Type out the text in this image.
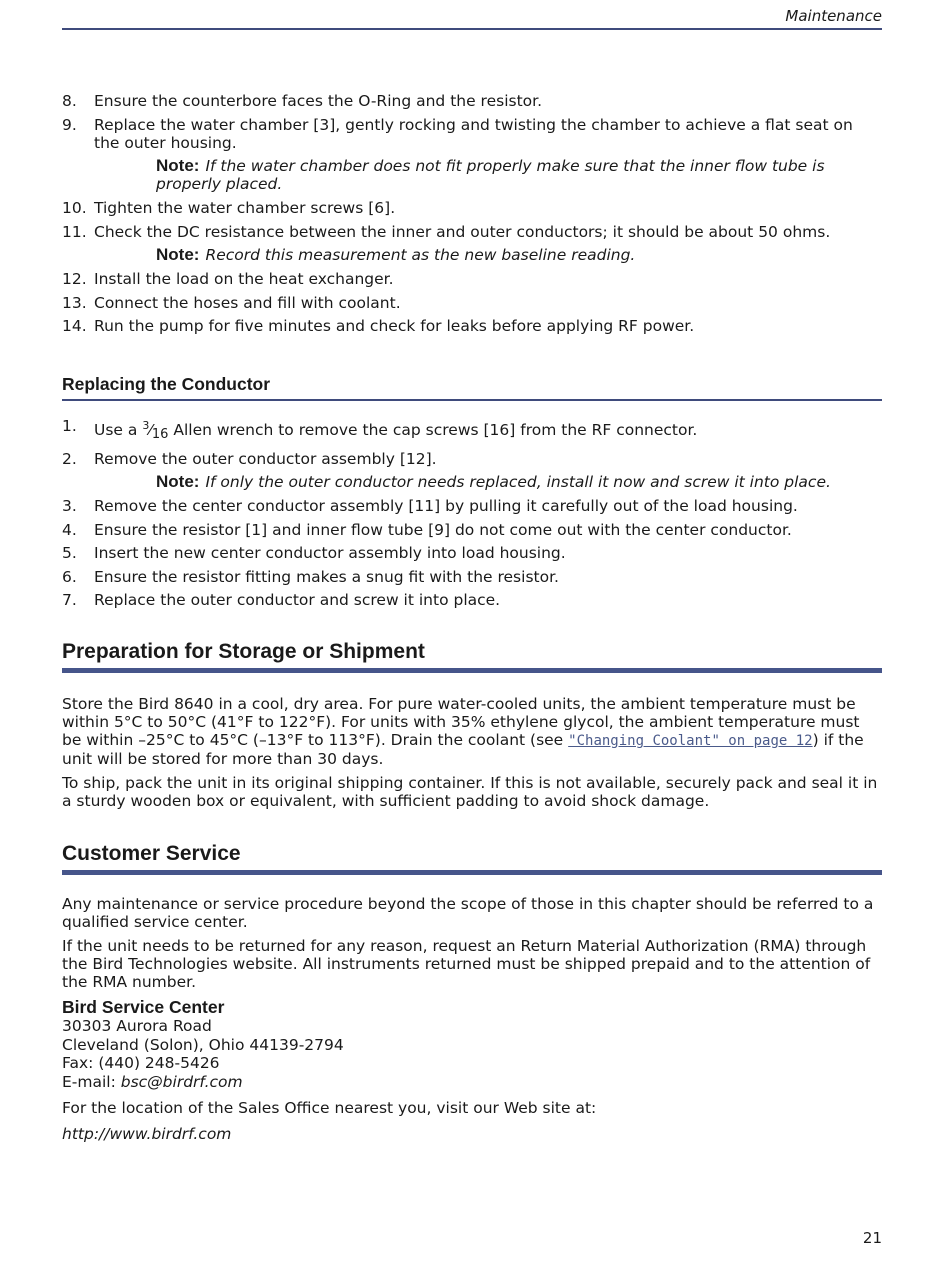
Maintenance
8. Ensure the counterbore faces the O-Ring and the resistor.
9. Replace the water chamber [3], gently rocking and twisting the chamber to achieve a flat seat on the outer housing.
Note: If the water chamber does not fit properly make sure that the inner flow tube is properly placed.
10. Tighten the water chamber screws [6].
11. Check the DC resistance between the inner and outer conductors; it should be about 50 ohms.
Note: Record this measurement as the new baseline reading.
12. Install the load on the heat exchanger.
13. Connect the hoses and fill with coolant.
14. Run the pump for five minutes and check for leaks before applying RF power.
Replacing the Conductor
1. Use a $^3⁄_{16}$ Allen wrench to remove the cap screws [16] from the RF connector.
2. Remove the outer conductor assembly [12].
Note: If only the outer conductor needs replaced, install it now and screw it into place.
3. Remove the center conductor assembly [11] by pulling it carefully out of the load housing.
4. Ensure the resistor [1] and inner flow tube [9] do not come out with the center conductor.
5. Insert the new center conductor assembly into load housing.
6. Ensure the resistor fitting makes a snug fit with the resistor.
7. Replace the outer conductor and screw it into place.
Preparation for Storage or Shipment

Store the Bird 8640 in a cool, dry area. For pure water-cooled units, the ambient temperature must be within 5°C to 50°C (41°F to 122°F). For units with 35% ethylene glycol, the ambient temperature must be within –25°C to 45°C (–13°F to 113°F). Drain the coolant (see "Changing Coolant" on page 12) if the unit will be stored for more than 30 days.

To ship, pack the unit in its original shipping container. If this is not available, securely pack and seal it in a sturdy wooden box or equivalent, with sufficient padding to avoid shock damage.

Customer Service

Any maintenance or service procedure beyond the scope of those in this chapter should be referred to a qualified service center.

If the unit needs to be returned for any reason, request an Return Material Authorization (RMA) through the Bird Technologies website. All instruments returned must be shipped prepaid and to the attention of the RMA number.

Bird Service Center
30303 Aurora Road
Cleveland (Solon), Ohio 44139-2794
Fax: (440) 248-5426
E-mail: bsc@birdrf.com

For the location of the Sales Office nearest you, visit our Web site at:

http://www.birdrf.com

21
